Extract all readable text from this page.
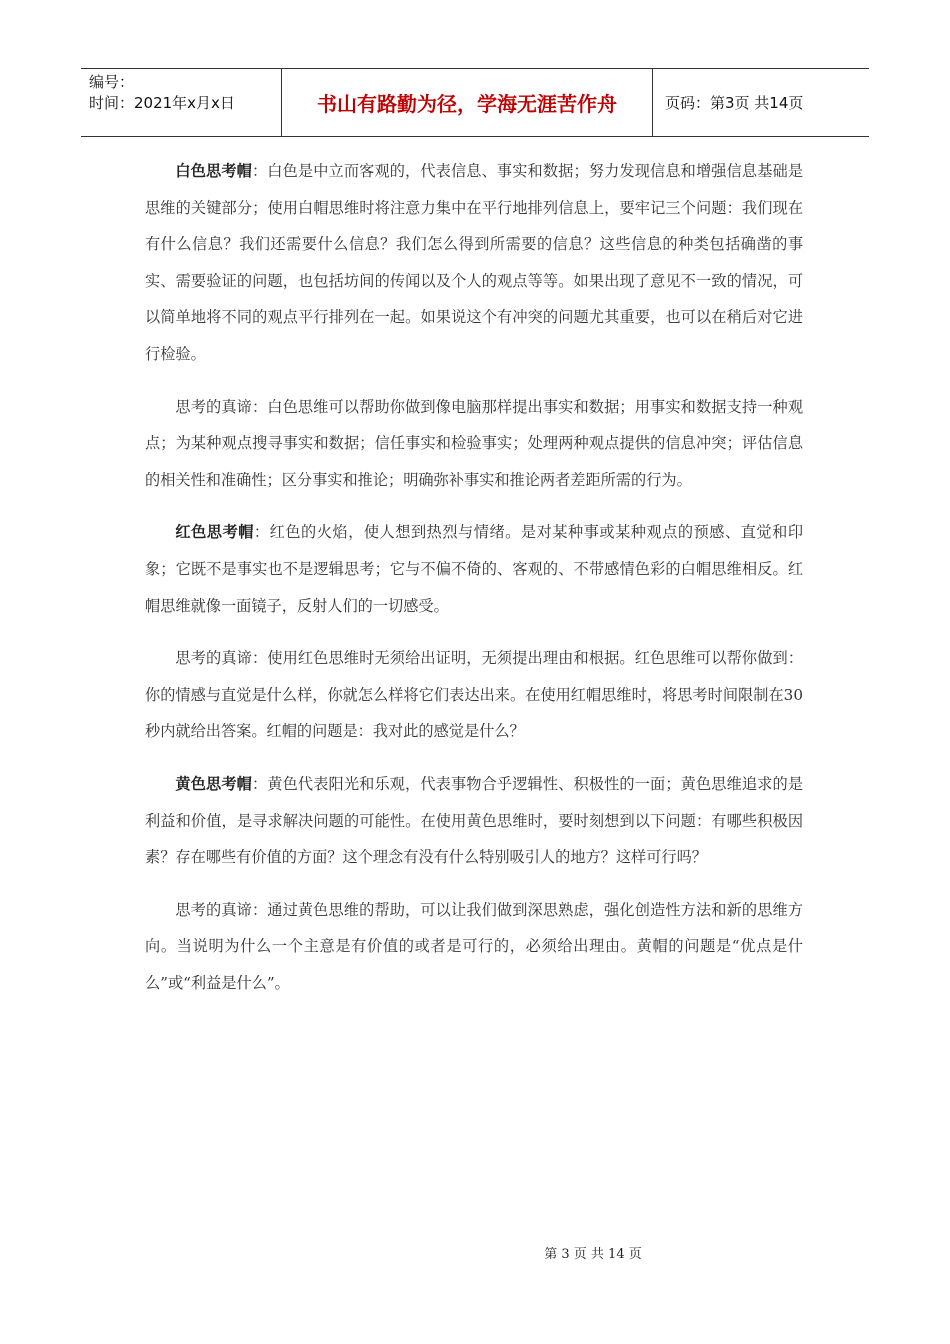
编号：
时间：2021年x月x日	书山有路勤为径，学海无涯苦作舟	页码：第3页 共14页

白色思考帽：白色是中立而客观的，代表信息、事实和数据；努力发现信息和增强信息基础是思维的关键部分；使用白帽思维时将注意力集中在平行地排列信息上，要牢记三个问题：我们现在有什么信息？我们还需要什么信息？我们怎么得到所需要的信息？这些信息的种类包括确凿的事实、需要验证的问题，也包括坊间的传闻以及个人的观点等等。如果出现了意见不一致的情况，可以简单地将不同的观点平行排列在一起。如果说这个有冲突的问题尤其重要，也可以在稍后对它进行检验。

思考的真谛：白色思维可以帮助你做到像电脑那样提出事实和数据；用事实和数据支持一种观点；为某种观点搜寻事实和数据；信任事实和检验事实；处理两种观点提供的信息冲突；评估信息的相关性和准确性；区分事实和推论；明确弥补事实和推论两者差距所需的行为。

红色思考帽：红色的火焰，使人想到热烈与情绪。是对某种事或某种观点的预感、直觉和印象；它既不是事实也不是逻辑思考；它与不偏不倚的、客观的、不带感情色彩的白帽思维相反。红帽思维就像一面镜子，反射人们的一切感受。

思考的真谛：使用红色思维时无须给出证明，无须提出理由和根据。红色思维可以帮你做到：你的情感与直觉是什么样，你就怎么样将它们表达出来。在使用红帽思维时，将思考时间限制在30秒内就给出答案。红帽的问题是：我对此的感觉是什么？

黄色思考帽：黄色代表阳光和乐观，代表事物合乎逻辑性、积极性的一面；黄色思维追求的是利益和价值，是寻求解决问题的可能性。在使用黄色思维时，要时刻想到以下问题：有哪些积极因素？存在哪些有价值的方面？这个理念有没有什么特别吸引人的地方？这样可行吗？

思考的真谛：通过黄色思维的帮助，可以让我们做到深思熟虑，强化创造性方法和新的思维方向。当说明为什么一个主意是有价值的或者是可行的，必须给出理由。黄帽的问题是“优点是什么”或“利益是什么”。

第 3 页 共 14 页
